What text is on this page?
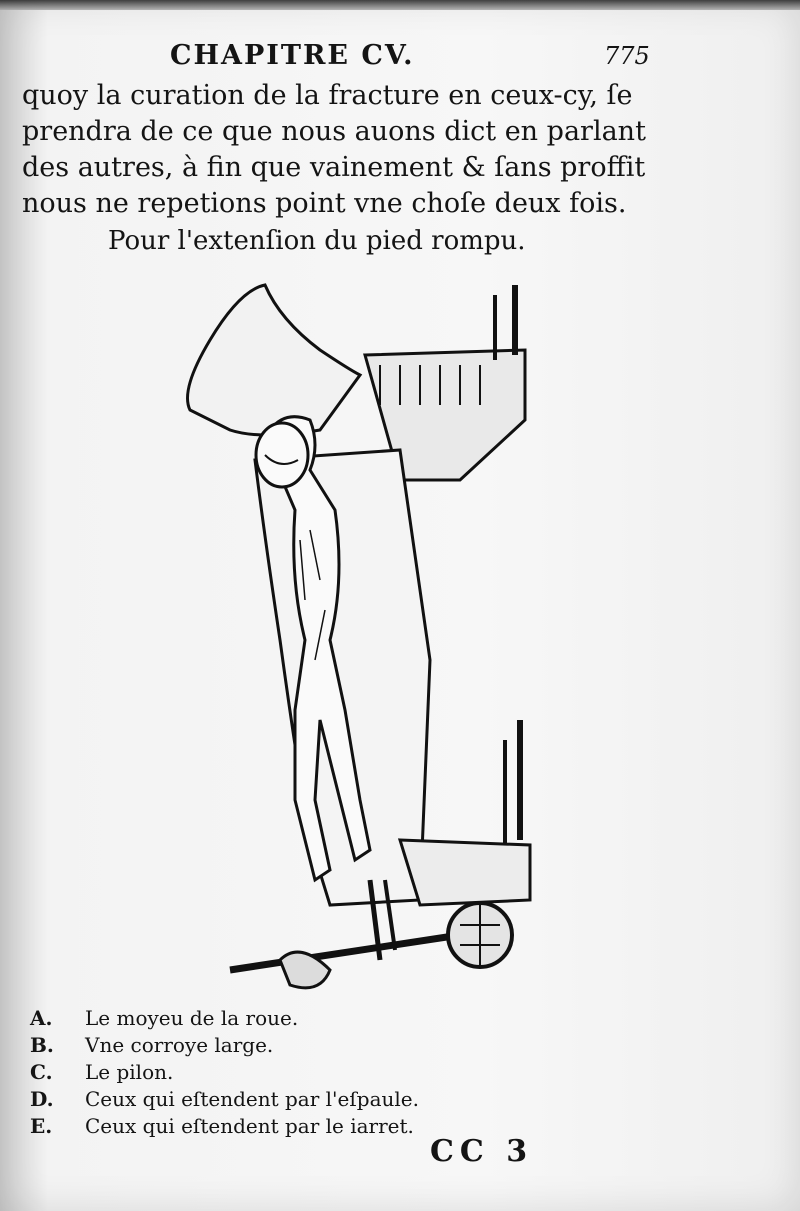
CHAPITRE CV.	775
quoy la curation de la fracture en ceux-cy, ſe
prendra de ce que nous auons dict en parlant
des autres, à fin que vainement & ſans proffit
nous ne repetions point vne choſe deux fois.
Pour l'extenſion du pied rompu.
A.	Le moyeu de la roue.
B.	Vne corroye large.
C.	Le pilon.
D.	Ceux qui eſtendent par l'eſpaule.
E.	Ceux qui eſtendent par le iarret.
CC 3
